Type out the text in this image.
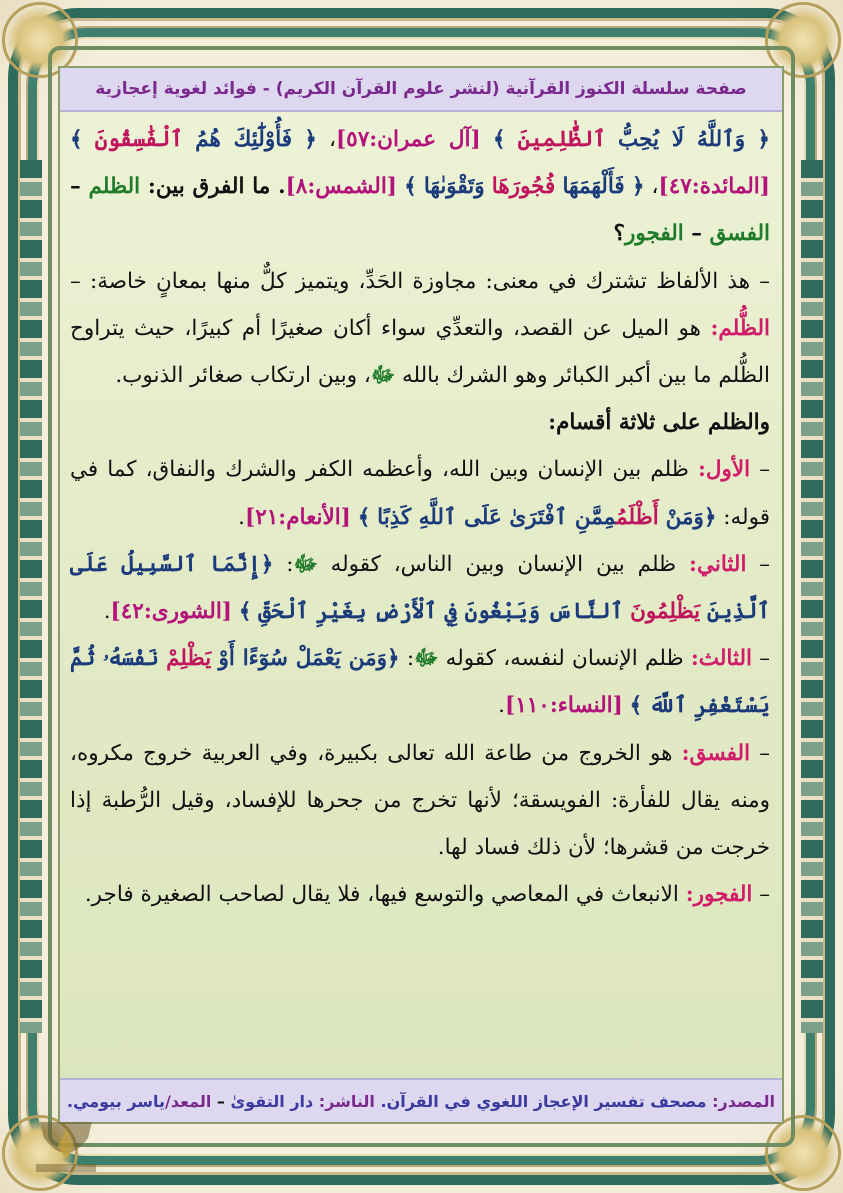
صفحة سلسلة الكنوز القرآنية (لنشر علوم القرآن الكريم) - فوائد لغوية إعجازية

﴿ وَٱللَّهُ لَا يُحِبُّ ٱلظَّٰلِمِينَ ﴾ [آل عمران:٥٧]، ﴿ فَأُوْلَٰٓئِكَ هُمُ ٱلْفَٰسِقُونَ ﴾ [المائدة:٤٧]، ﴿ فَأَلْهَمَهَا فُجُورَهَا وَتَقْوَىٰهَا ﴾ [الشمس:٨]. ما الفرق بين: الظلم – الفسق – الفجور؟

– هذ الألفاظ تشترك في معنى: مجاوزة الحَدِّ، ويتميز كلٌّ منها بمعانٍ خاصة: – الظُّلم: هو الميل عن القصد، والتعدِّي سواء أكان صغيرًا أم كبيرًا، حيث يتراوح الظُّلم ما بين أكبر الكبائر وهو الشرك بالله ﷻ، وبين ارتكاب صغائر الذنوب.

والظلم على ثلاثة أقسام:

– الأول: ظلم بين الإنسان وبين الله، وأعظمه الكفر والشرك والنفاق، كما في قوله: ﴿وَمَنْ أَظْلَمُمِمَّنِ ٱفْتَرَىٰ عَلَى ٱللَّهِ كَذِبًا ﴾ [الأنعام:٢١].

– الثاني: ظلم بين الإنسان وبين الناس، كقوله ﷻ: ﴿إِنَّمَا ٱلسَّبِيلُ عَلَى ٱلَّذِينَ يَظْلِمُونَ ٱلنَّاسَ وَيَبْغُونَ فِي ٱلْأَرْضِ بِغَيْرِ ٱلْحَقِّ ﴾ [الشورى:٤٢].

– الثالث: ظلم الإنسان لنفسه، كقوله ﷻ: ﴿وَمَن يَعْمَلْ سُوٓءًا أَوْ يَظْلِمْ نَفْسَهُۥ ثُمَّ يَسْتَغْفِرِ ٱللَّهَ ﴾ [النساء:١١٠].

– الفسق: هو الخروج من طاعة الله تعالى بكبيرة، وفي العربية خروج مكروه، ومنه يقال للفأرة: الفويسقة؛ لأنها تخرج من جحرها للإفساد، وقيل الرُّطبة إذا خرجت من قشرها؛ لأن ذلك فساد لها.

– الفجور: الانبعاث في المعاصي والتوسع فيها، فلا يقال لصاحب الصغيرة فاجر.

المصدر: مصحف تفسير الإعجاز اللغوي في القرآن. الناشر: دار التقوىٰ – المعد/ياسر بيومي.
